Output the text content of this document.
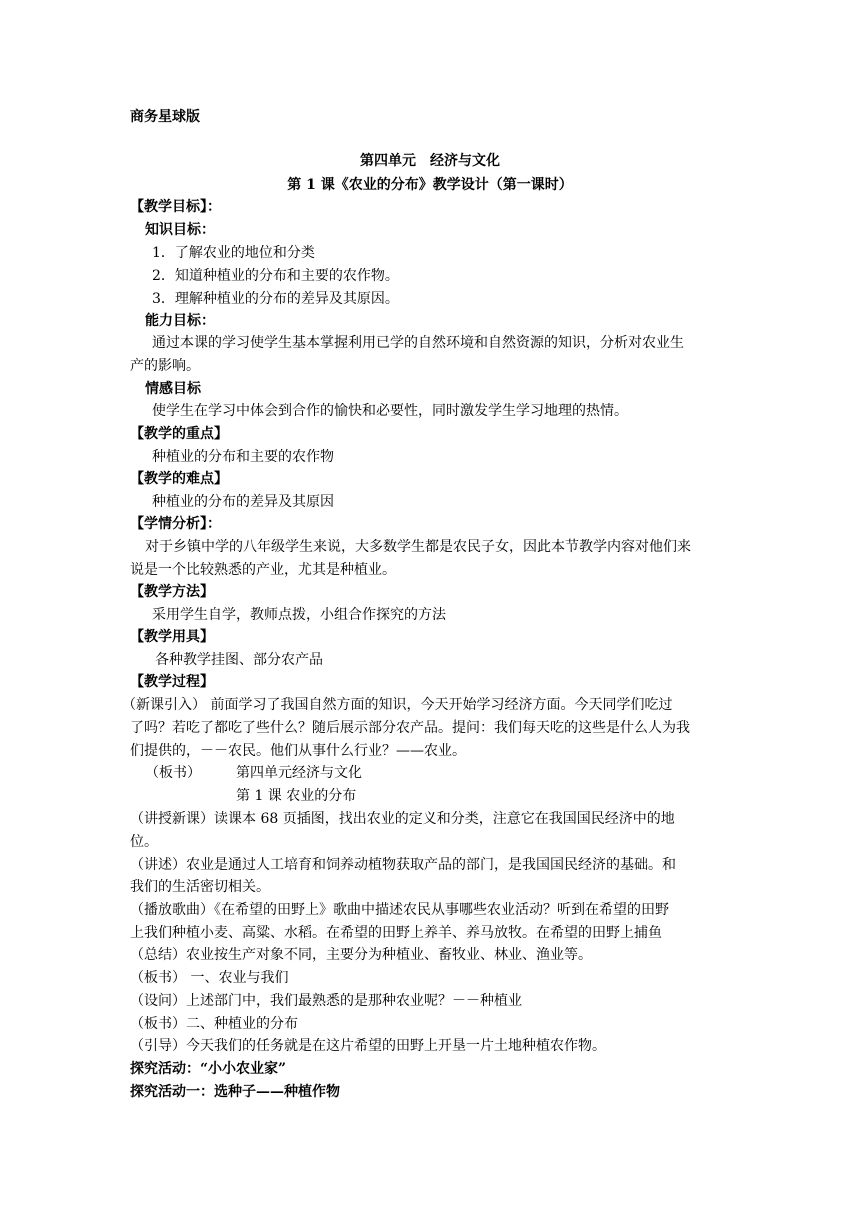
商务星球版
第四单元　经济与文化
第 1 课《农业的分布》教学设计（第一课时）
【教学目标】：
知识目标：
1．了解农业的地位和分类
2．知道种植业的分布和主要的农作物。
3．理解种植业的分布的差异及其原因。
能力目标：
通过本课的学习使学生基本掌握利用已学的自然环境和自然资源的知识，分析对农业生
产的影响。
情感目标
使学生在学习中体会到合作的愉快和必要性，同时激发学生学习地理的热情。
【教学的重点】
种植业的分布和主要的农作物
【教学的难点】
种植业的分布的差异及其原因
【学情分析】：
对于乡镇中学的八年级学生来说，大多数学生都是农民子女，因此本节教学内容对他们来
说是一个比较熟悉的产业，尤其是种植业。
【教学方法】
采用学生自学，教师点拨，小组合作探究的方法
【教学用具】
各种教学挂图、部分农产品
【教学过程】
（新课引入） 前面学习了我国自然方面的知识，今天开始学习经济方面。今天同学们吃过
了吗？若吃了都吃了些什么？随后展示部分农产品。提问：我们每天吃的这些是什么人为我
们提供的，－－农民。他们从事什么行业？——农业。
（板书）	第四单元经济与文化
第 1 课 农业的分布
（讲授新课）读课本 68 页插图，找出农业的定义和分类，注意它在我国国民经济中的地
位。
（讲述）农业是通过人工培育和饲养动植物获取产品的部门，是我国国民经济的基础。和
我们的生活密切相关。
（播放歌曲）《在希望的田野上》歌曲中描述农民从事哪些农业活动？听到在希望的田野
上我们种植小麦、高粱、水稻。在希望的田野上养羊、养马放牧。在希望的田野上捕鱼
（总结）农业按生产对象不同，主要分为种植业、畜牧业、林业、渔业等。
（板书） 一、农业与我们
（设问）上述部门中，我们最熟悉的是那种农业呢？－－种植业
（板书）二、种植业的分布
（引导）今天我们的任务就是在这片希望的田野上开垦一片土地种植农作物。
探究活动：“小小农业家”
探究活动一：选种子——种植作物
